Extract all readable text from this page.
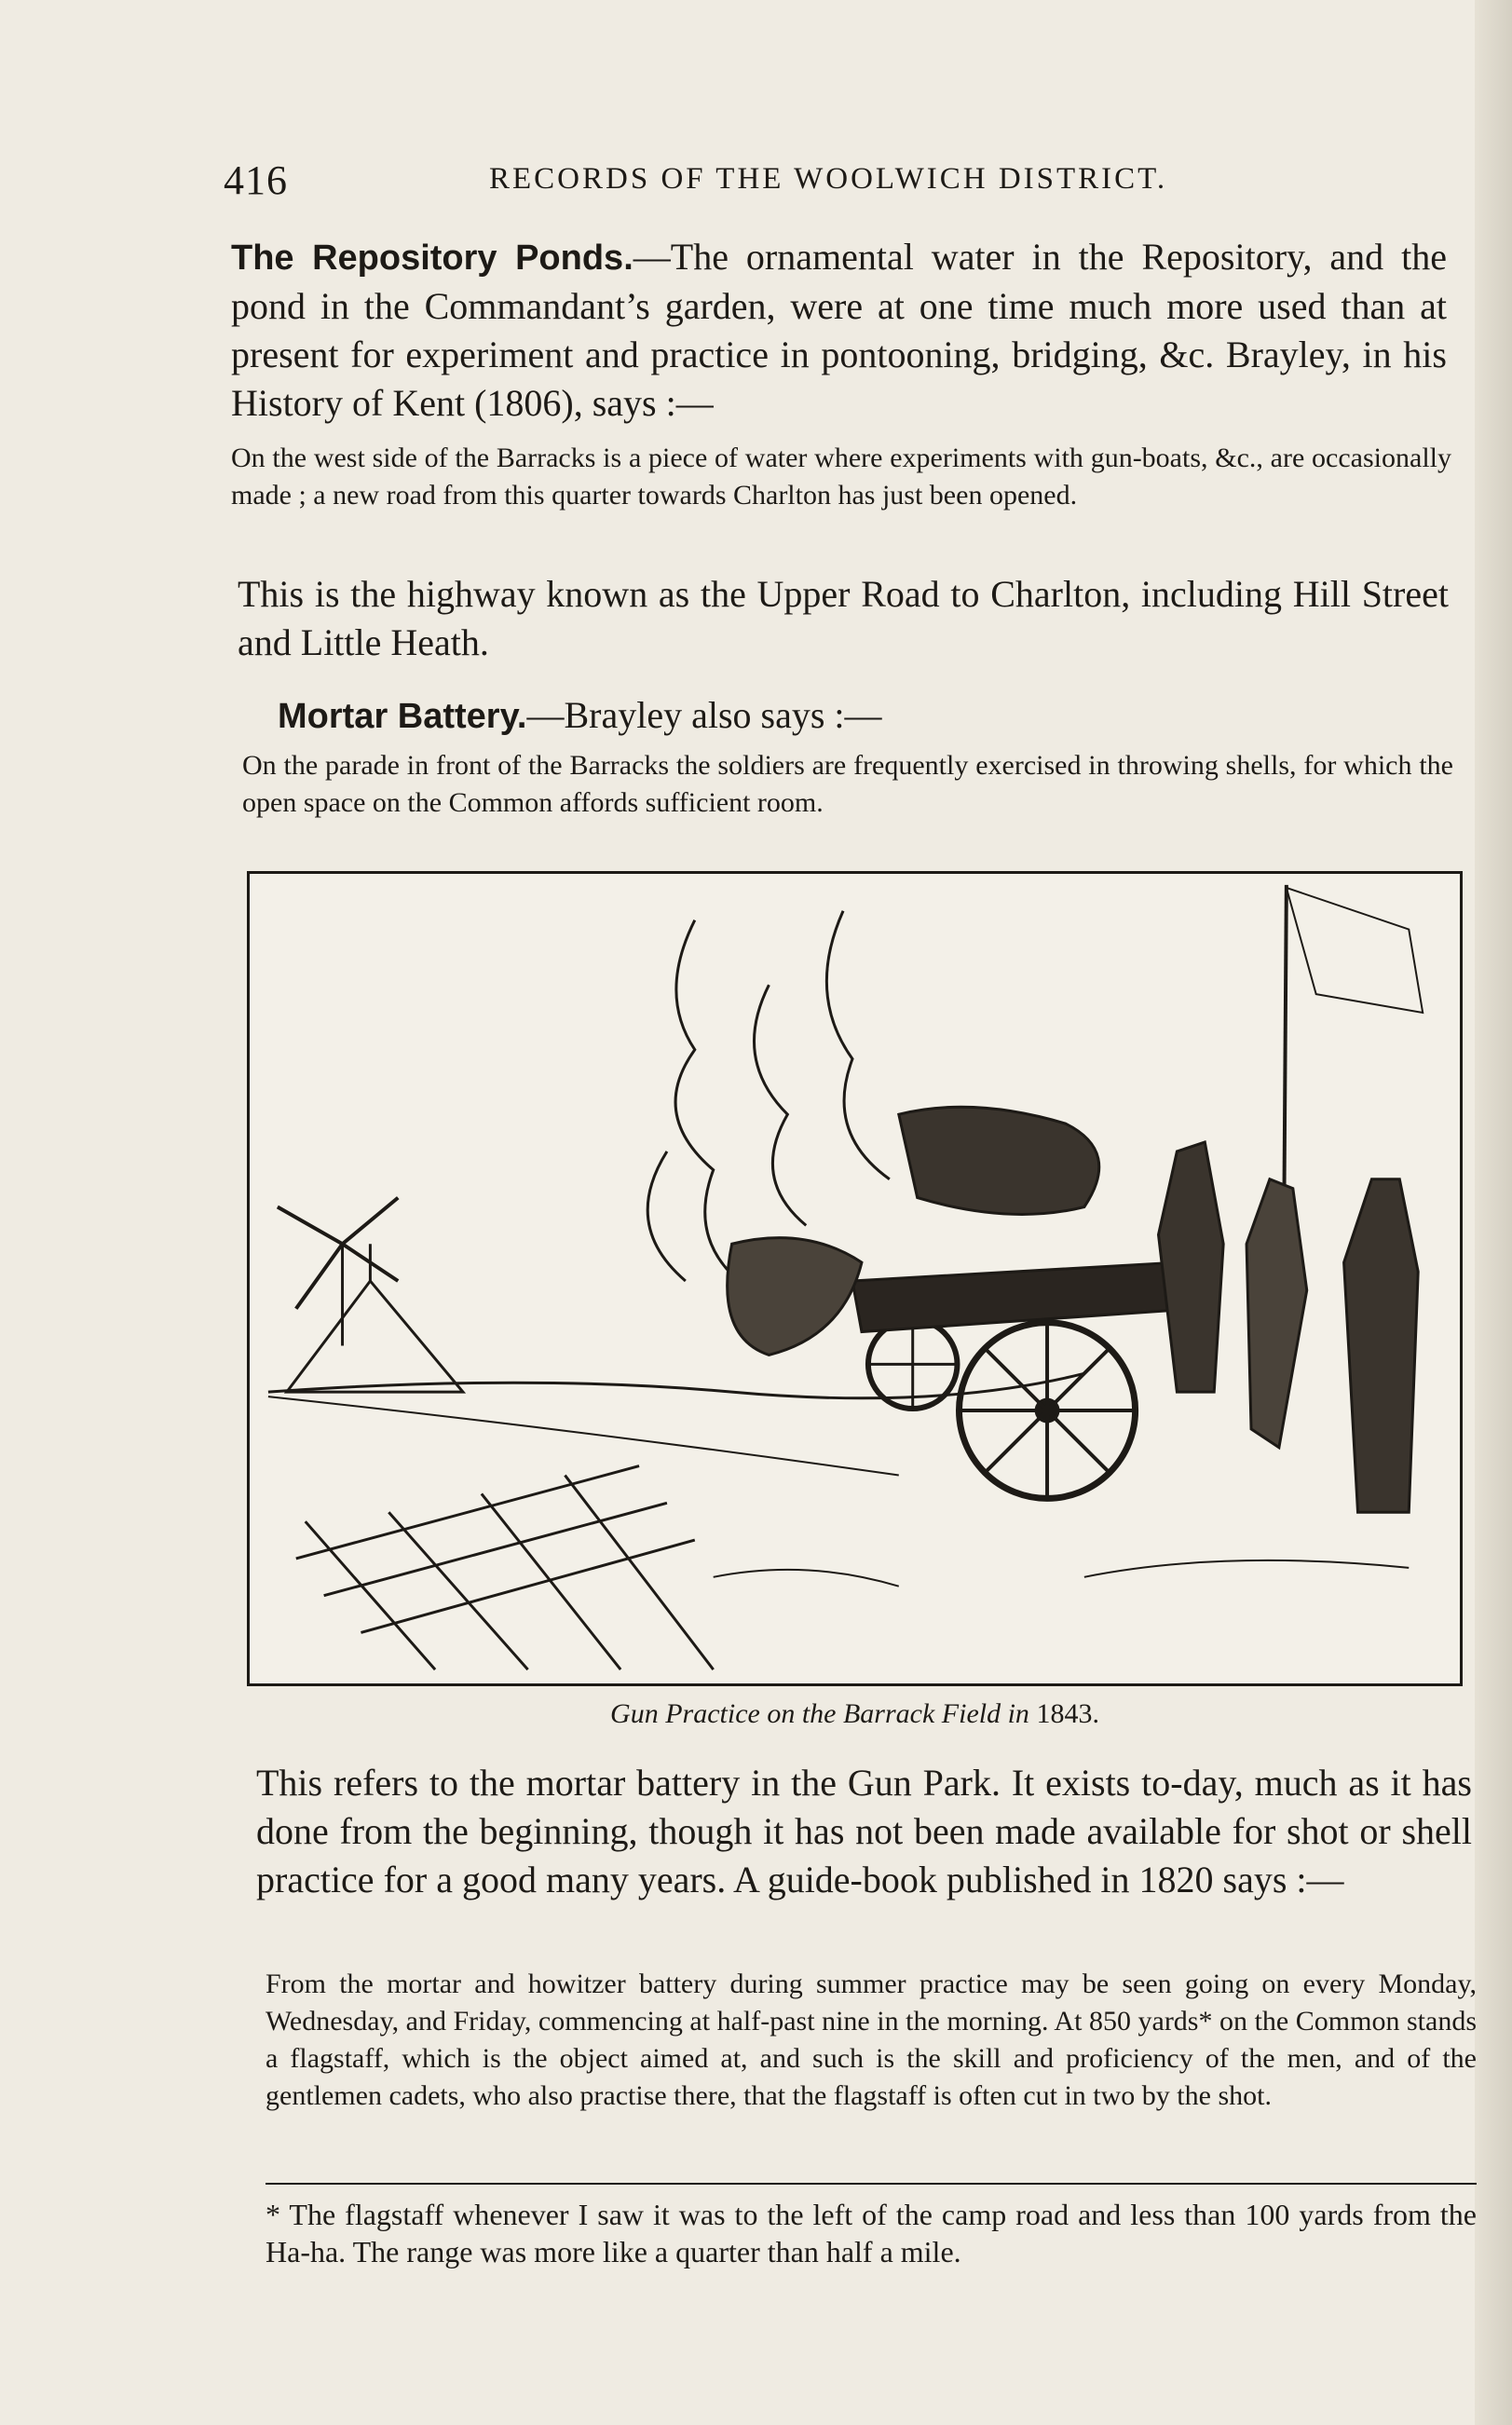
416	RECORDS OF THE WOOLWICH DISTRICT.

The Repository Ponds.—The ornamental water in the Repository, and the pond in the Commandant’s garden, were at one time much more used than at present for experiment and practice in pontooning, bridging, &c. Brayley, in his History of Kent (1806), says :—

On the west side of the Barracks is a piece of water where experiments with gun-boats, &c., are occasionally made ; a new road from this quarter towards Charlton has just been opened.

This is the highway known as the Upper Road to Charlton, including Hill Street and Little Heath.

Mortar Battery.—Brayley also says :—

On the parade in front of the Barracks the soldiers are frequently exercised in throwing shells, for which the open space on the Common affords sufficient room.

Gun Practice on the Barrack Field in 1843.

This refers to the mortar battery in the Gun Park. It exists to-day, much as it has done from the beginning, though it has not been made available for shot or shell practice for a good many years. A guide-book published in 1820 says :—

From the mortar and howitzer battery during summer practice may be seen going on every Monday, Wednesday, and Friday, commencing at half-past nine in the morning. At 850 yards* on the Common stands a flagstaff, which is the object aimed at, and such is the skill and proficiency of the men, and of the gentlemen cadets, who also practise there, that the flagstaff is often cut in two by the shot.

* The flagstaff whenever I saw it was to the left of the camp road and less than 100 yards from the Ha-ha. The range was more like a quarter than half a mile.
